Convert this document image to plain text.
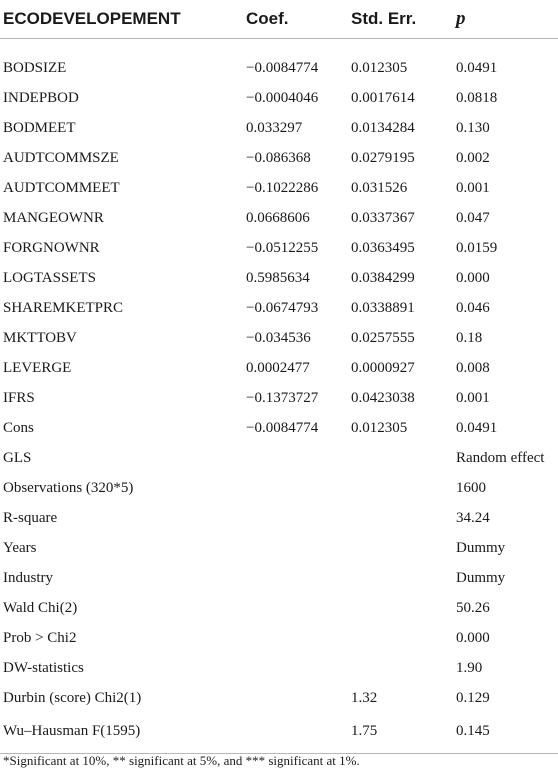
ECODEVELOPEMENT	Coef.	Std. Err.	p
BODSIZE	−0.0084774	0.012305	0.0491
INDEPBOD	−0.0004046	0.0017614	0.0818
BODMEET	0.033297	0.0134284	0.130
AUDTCOMMSZE	−0.086368	0.0279195	0.002
AUDTCOMMEET	−0.1022286	0.031526	0.001
MANGEOWNR	0.0668606	0.0337367	0.047
FORGNOWNR	−0.0512255	0.0363495	0.0159
LOGTASSETS	0.5985634	0.0384299	0.000
SHAREMKETPRC	−0.0674793	0.0338891	0.046
MKTTOBV	−0.034536	0.0257555	0.18
LEVERGE	0.0002477	0.0000927	0.008
IFRS	−0.1373727	0.0423038	0.001
Cons	−0.0084774	0.012305	0.0491
GLS			Random effect
Observations (320*5)			1600
R-square			34.24
Years			Dummy
Industry			Dummy
Wald Chi(2)			50.26
Prob > Chi2			0.000
DW-statistics			1.90
Durbin (score) Chi2(1)		1.32	0.129
Wu–Hausman F(1595)		1.75	0.145
*Significant at 10%, ** significant at 5%, and *** significant at 1%.
